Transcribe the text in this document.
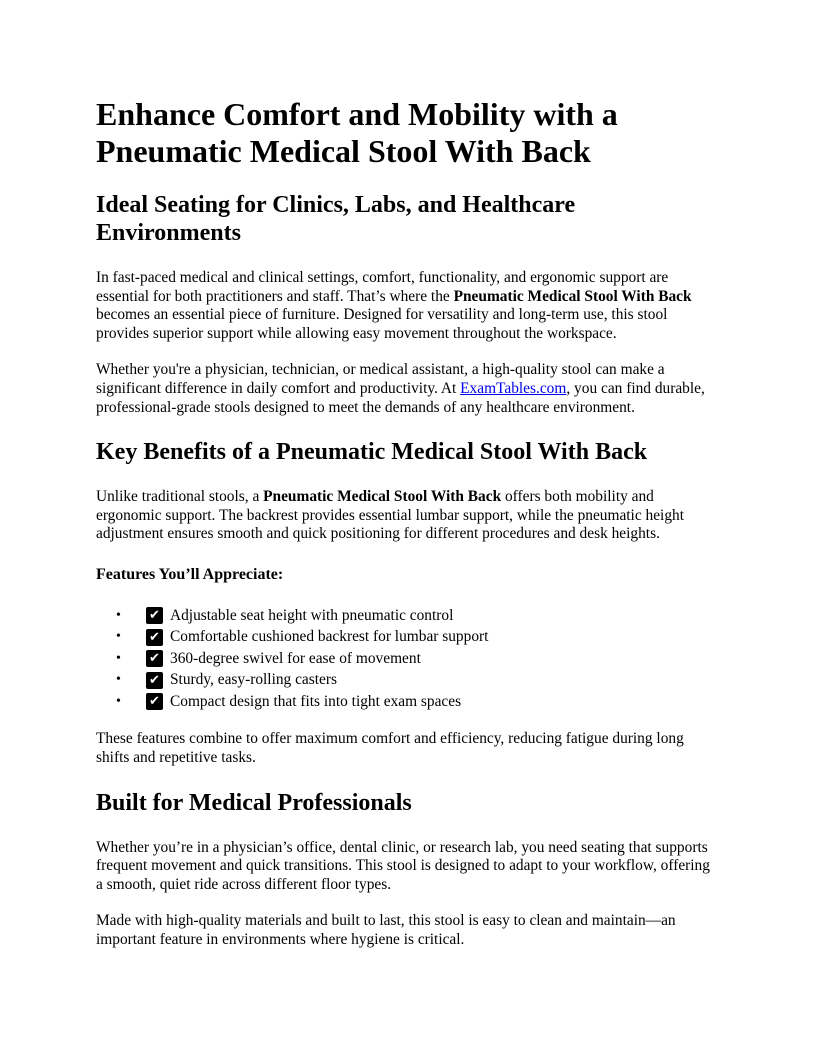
Enhance Comfort and Mobility with a Pneumatic Medical Stool With Back
Ideal Seating for Clinics, Labs, and Healthcare Environments

In fast-paced medical and clinical settings, comfort, functionality, and ergonomic support are essential for both practitioners and staff. That’s where the Pneumatic Medical Stool With Back becomes an essential piece of furniture. Designed for versatility and long-term use, this stool provides superior support while allowing easy movement throughout the workspace.

Whether you're a physician, technician, or medical assistant, a high-quality stool can make a significant difference in daily comfort and productivity. At ExamTables.com, you can find durable, professional-grade stools designed to meet the demands of any healthcare environment.

Key Benefits of a Pneumatic Medical Stool With Back

Unlike traditional stools, a Pneumatic Medical Stool With Back offers both mobility and ergonomic support. The backrest provides essential lumbar support, while the pneumatic height adjustment ensures smooth and quick positioning for different procedures and desk heights.

Features You’ll Appreciate:
• ✔ Adjustable seat height with pneumatic control
• ✔ Comfortable cushioned backrest for lumbar support
• ✔ 360-degree swivel for ease of movement
• ✔ Sturdy, easy-rolling casters
• ✔ Compact design that fits into tight exam spaces

These features combine to offer maximum comfort and efficiency, reducing fatigue during long shifts and repetitive tasks.

Built for Medical Professionals

Whether you’re in a physician’s office, dental clinic, or research lab, you need seating that supports frequent movement and quick transitions. This stool is designed to adapt to your workflow, offering a smooth, quiet ride across different floor types.

Made with high-quality materials and built to last, this stool is easy to clean and maintain—an important feature in environments where hygiene is critical.
